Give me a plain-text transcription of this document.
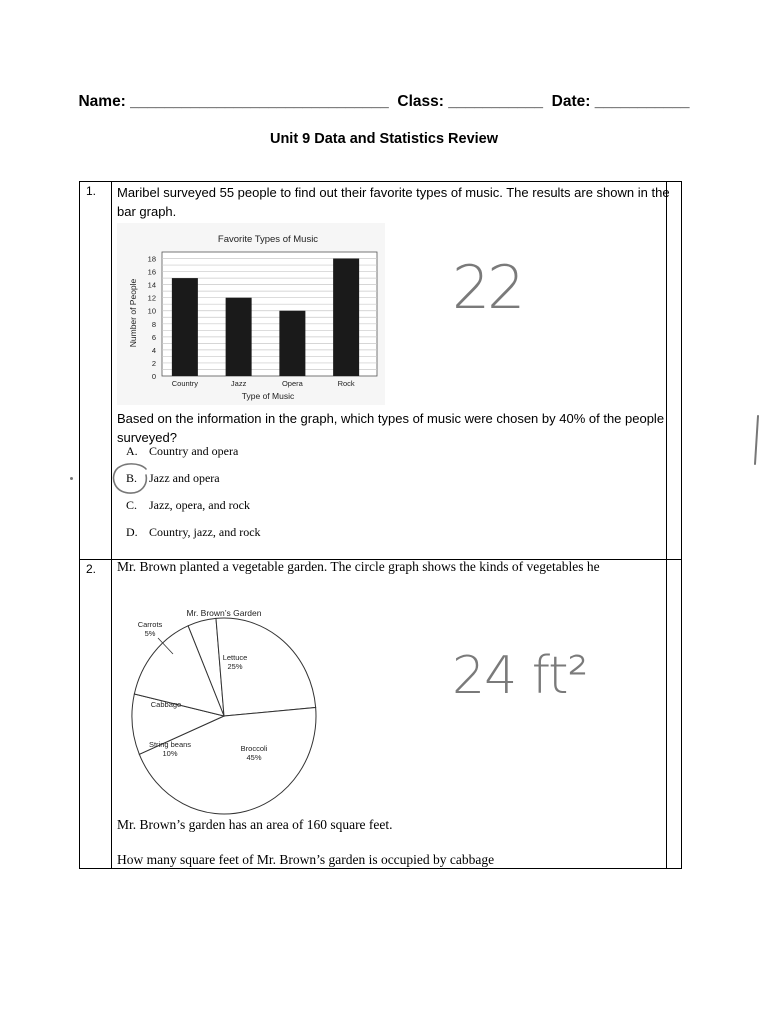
Name: ______________________________  Class: ___________  Date: ___________
Unit 9 Data and Statistics Review
1. Maribel surveyed 55 people to find out their favorite types of music. The results are shown in the bar graph.
Favorite Types of Music
Type of Music
Number of People
0
2
4
6
8
10
12
14
16
18
Country	Jazz	Opera	Rock
22
Based on the information in the graph, which types of music were chosen by 40% of the people surveyed?
A. Country and opera
B. Jazz and opera
C. Jazz, opera, and rock
D. Country, jazz, and rock
2. Mr. Brown planted a vegetable garden. The circle graph shows the kinds of vegetables he
Mr. Brown’s Garden
Carrots
5%
Lettuce
25%
Broccoli
45%
String beans
10%
Cabbage	24 ft²
Mr. Brown’s garden has an area of 160 square feet.
How many square feet of Mr. Brown’s garden is occupied by cabbage
